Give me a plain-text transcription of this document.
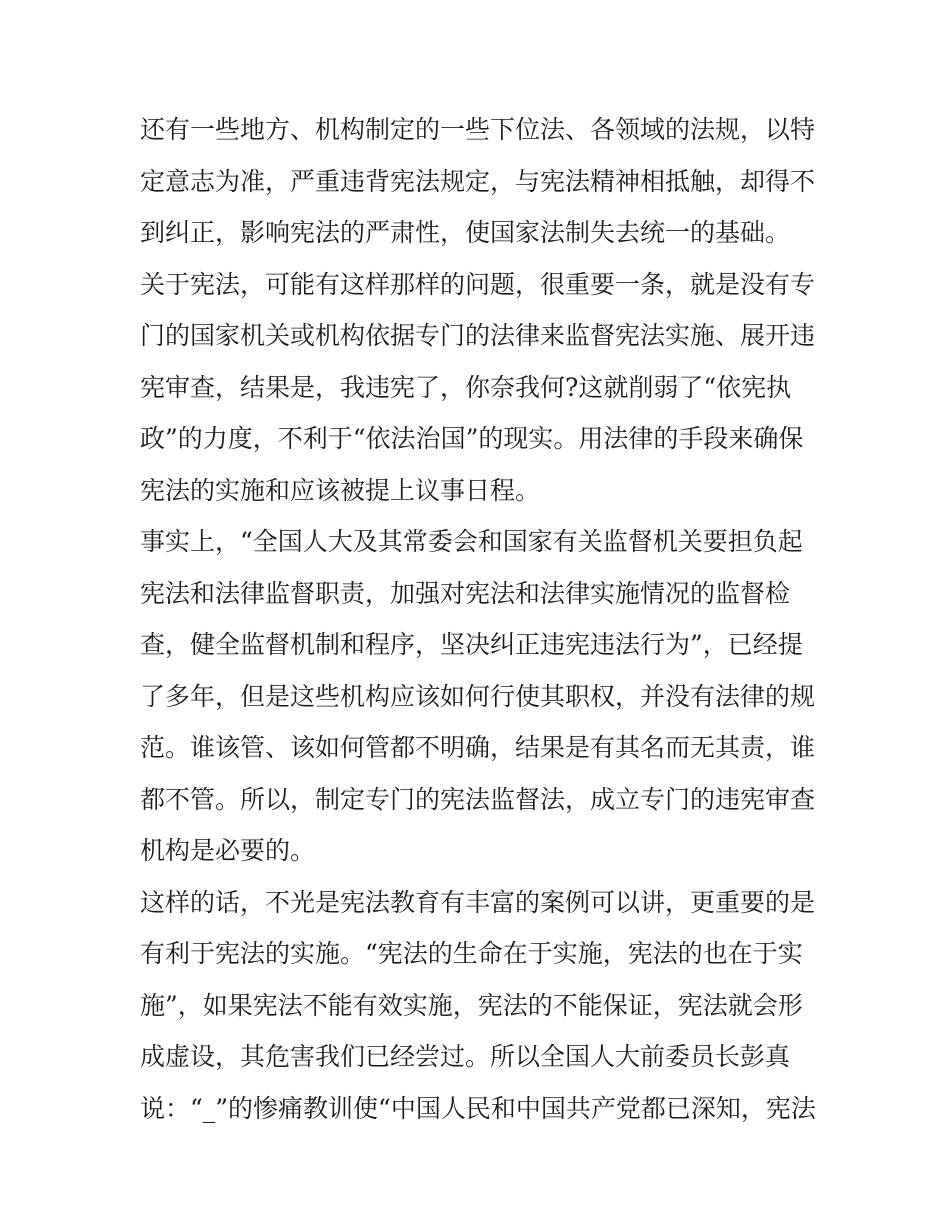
还有一些地方、机构制定的一些下位法、各领域的法规，以特
定意志为准，严重违背宪法规定，与宪法精神相抵触，却得不
到纠正，影响宪法的严肃性，使国家法制失去统一的基础。
关于宪法，可能有这样那样的问题，很重要一条，就是没有专
门的国家机关或机构依据专门的法律来监督宪法实施、展开违
宪审查，结果是，我违宪了，你奈我何?这就削弱了“依宪执
政”的力度，不利于“依法治国”的现实。用法律的手段来确保
宪法的实施和应该被提上议事日程。
事实上，“全国人大及其常委会和国家有关监督机关要担负起
宪法和法律监督职责，加强对宪法和法律实施情况的监督检
查，健全监督机制和程序，坚决纠正违宪违法行为”，已经提
了多年，但是这些机构应该如何行使其职权，并没有法律的规
范。谁该管、该如何管都不明确，结果是有其名而无其责，谁
都不管。所以，制定专门的宪法监督法，成立专门的违宪审查
机构是必要的。
这样的话，不光是宪法教育有丰富的案例可以讲，更重要的是
有利于宪法的实施。“宪法的生命在于实施，宪法的也在于实
施”，如果宪法不能有效实施，宪法的不能保证，宪法就会形
成虚设，其危害我们已经尝过。所以全国人大前委员长彭真
说：“_”的惨痛教训使“中国人民和中国共产党都已深知，宪法
